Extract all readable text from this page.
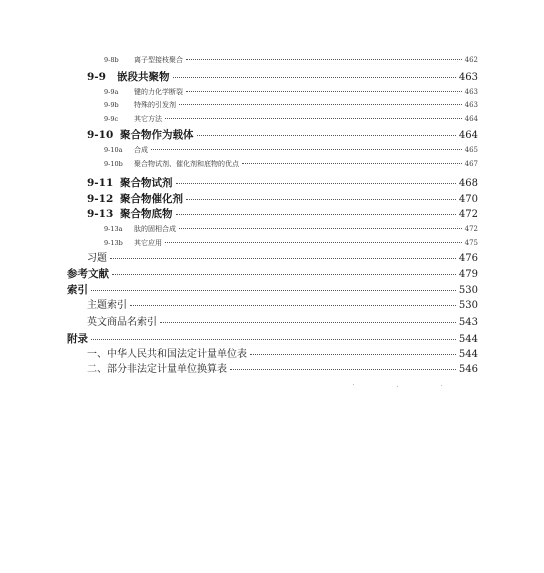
9-8b	离子型接枝聚合	462
9-9	嵌段共聚物	463
9-9a	键的力化学断裂	463
9-9b	特殊的引发剂	463
9-9c	其它方法	464
9-10 聚合物作为载体	464
9-10a	合成	465
9-10b	聚合物试剂、催化剂和底物的优点	467
9-11 聚合物试剂	468
9-12 聚合物催化剂	470
9-13 聚合物底物	472
9-13a	肽的固相合成	472
9-13b	其它应用	475
习题	476
参考文献	479
索引	530
主题索引	530
英文商品名索引	543
附录	544
一、中华人民共和国法定计量单位表	544
二、部分非法定计量单位换算表	546
